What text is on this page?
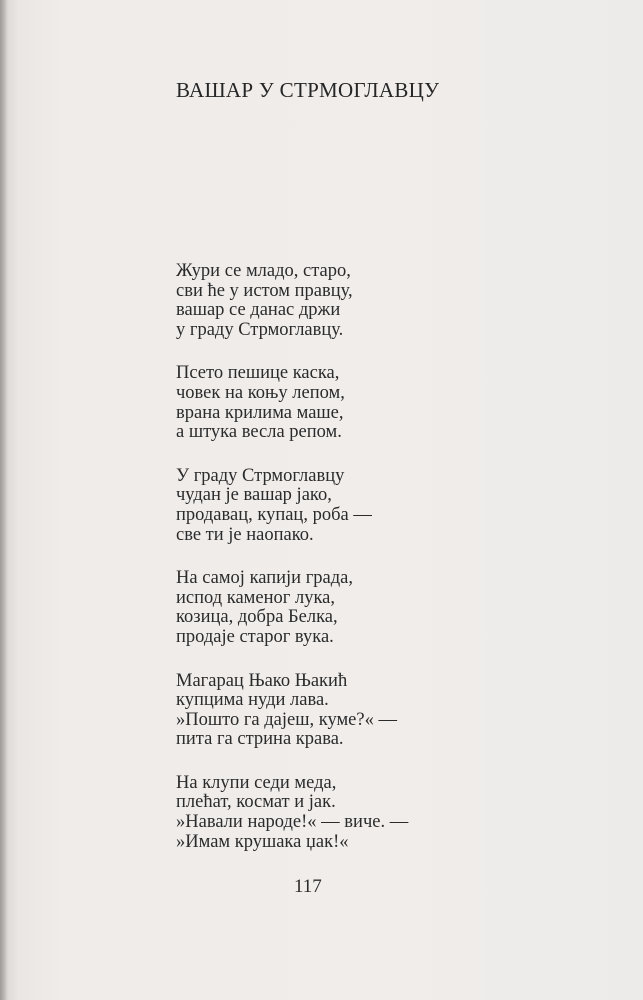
ВАШАР У СТРМОГЛАВЦУ
Жури се младо, старо,
сви ће у истом правцу,
вашар се данас држи
у граду Стрмоглавцу.
Псето пешице каска,
човек на коњу лепом,
врана крилима маше,
а штука весла репом.
У граду Стрмоглавцу
чудан је вашар јако,
продавац, купац, роба —
све ти је наопако.
На самој капији града,
испод каменог лука,
козица, добра Белка,
продаје старог вука.
Магарац Њако Њакић
купцима нуди лава.
»Пошто га дајеш, куме?« —
пита га стрина крава.
На клупи седи меда,
плећат, космат и јак.
»Навали народе!« — виче. —
»Имам крушака џак!«
117
